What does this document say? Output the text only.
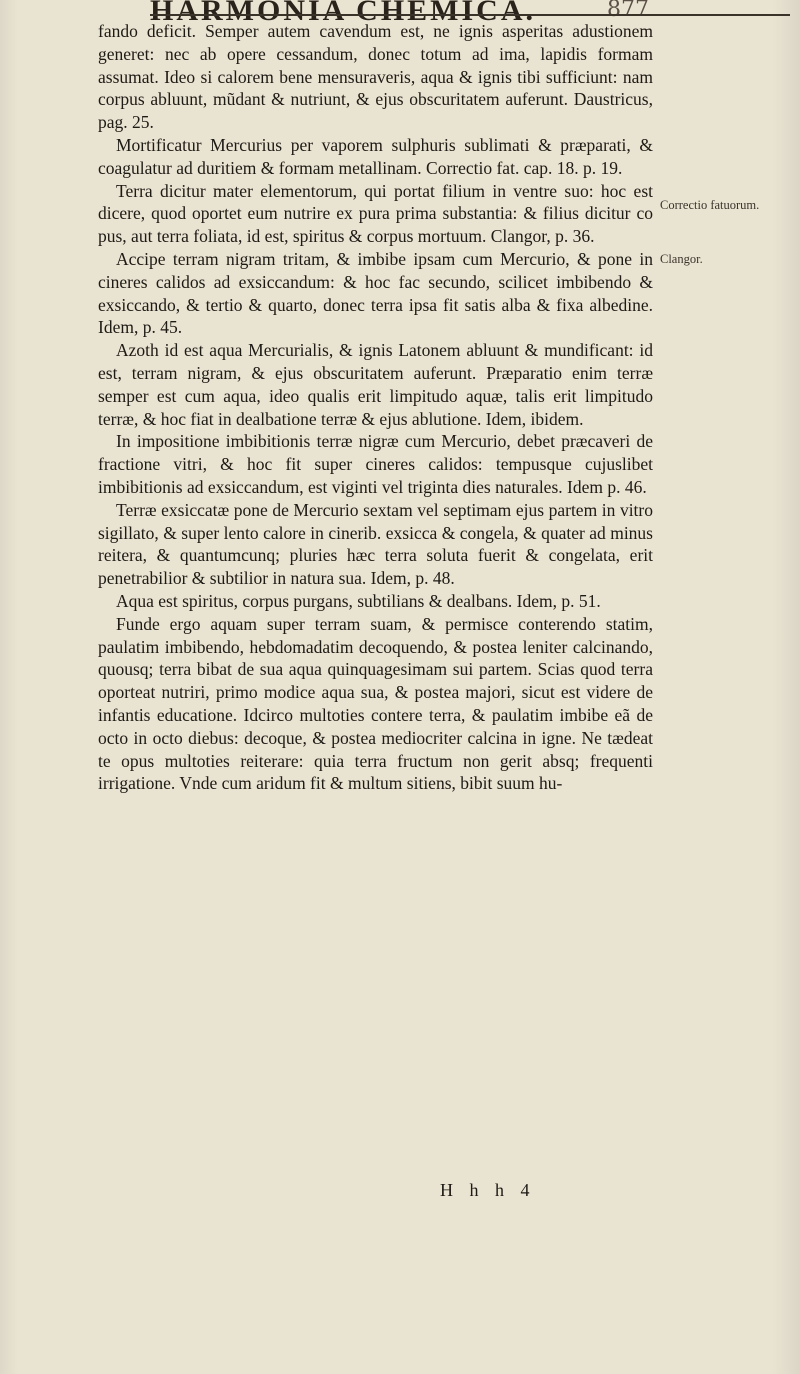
HARMONIA CHEMICA.	877
Correctio fatuorum.
Clangor.

fando deficit. Semper autem cavendum est, ne ignis asperitas adustionem generet: nec ab opere cessandum, donec totum ad ima, lapidis formam assumat. Ideo si calorem bene mensuraveris, aqua & ignis tibi sufficiunt: nam corpus abluunt, mũdant & nutriunt, & ejus obscuritatem auferunt. Daustricus, pag. 25.

Mortificatur Mercurius per vaporem sulphuris sublimati & præparati, & coagulatur ad duritiem & formam metallinam. Correctio fat. cap. 18. p. 19.

Terra dicitur mater elementorum, qui portat filium in ventre suo: hoc est dicere, quod oportet eum nutrire ex pura prima substantia: & filius dicitur co pus, aut terra foliata, id est, spiritus & corpus mortuum. Clangor, p. 36.

Accipe terram nigram tritam, & imbibe ipsam cum Mercurio, & pone in cineres calidos ad exsiccandum: & hoc fac secundo, scilicet imbibendo & exsiccando, & tertio & quarto, donec terra ipsa fit satis alba & fixa albedine. Idem, p. 45.

Azoth id est aqua Mercurialis, & ignis Latonem abluunt & mundificant: id est, terram nigram, & ejus obscuritatem auferunt. Præparatio enim terræ semper est cum aqua, ideo qualis erit limpitudo aquæ, talis erit limpitudo terræ, & hoc fiat in dealbatione terræ & ejus ablutione. Idem, ibidem.

In impositione imbibitionis terræ nigræ cum Mercurio, debet præcaveri de fractione vitri, & hoc fit super cineres calidos: tempusque cujuslibet imbibitionis ad exsiccandum, est viginti vel triginta dies naturales. Idem p. 46.

Terræ exsiccatæ pone de Mercurio sextam vel septimam ejus partem in vitro sigillato, & super lento calore in cinerib. exsicca & congela, & quater ad minus reitera, & quantumcunq; pluries hæc terra soluta fuerit & congelata, erit penetrabilior & subtilior in natura sua. Idem, p. 48.

Aqua est spiritus, corpus purgans, subtilians & dealbans. Idem, p. 51.

Funde ergo aquam super terram suam, & permisce conterendo statim, paulatim imbibendo, hebdomadatim decoquendo, & postea leniter calcinando, quousq; terra bibat de sua aqua quinquagesimam sui partem. Scias quod terra oporteat nutriri, primo modice aqua sua, & postea majori, sicut est videre de infantis educatione. Idcirco multoties contere terra, & paulatim imbibe eã de octo in octo diebus: decoque, & postea mediocriter calcina in igne. Ne tædeat te opus multoties reiterare: quia terra fructum non gerit absq; frequenti irrigatione. Vnde cum aridum fit & multum sitiens, bibit suum hu-

H h h 4
